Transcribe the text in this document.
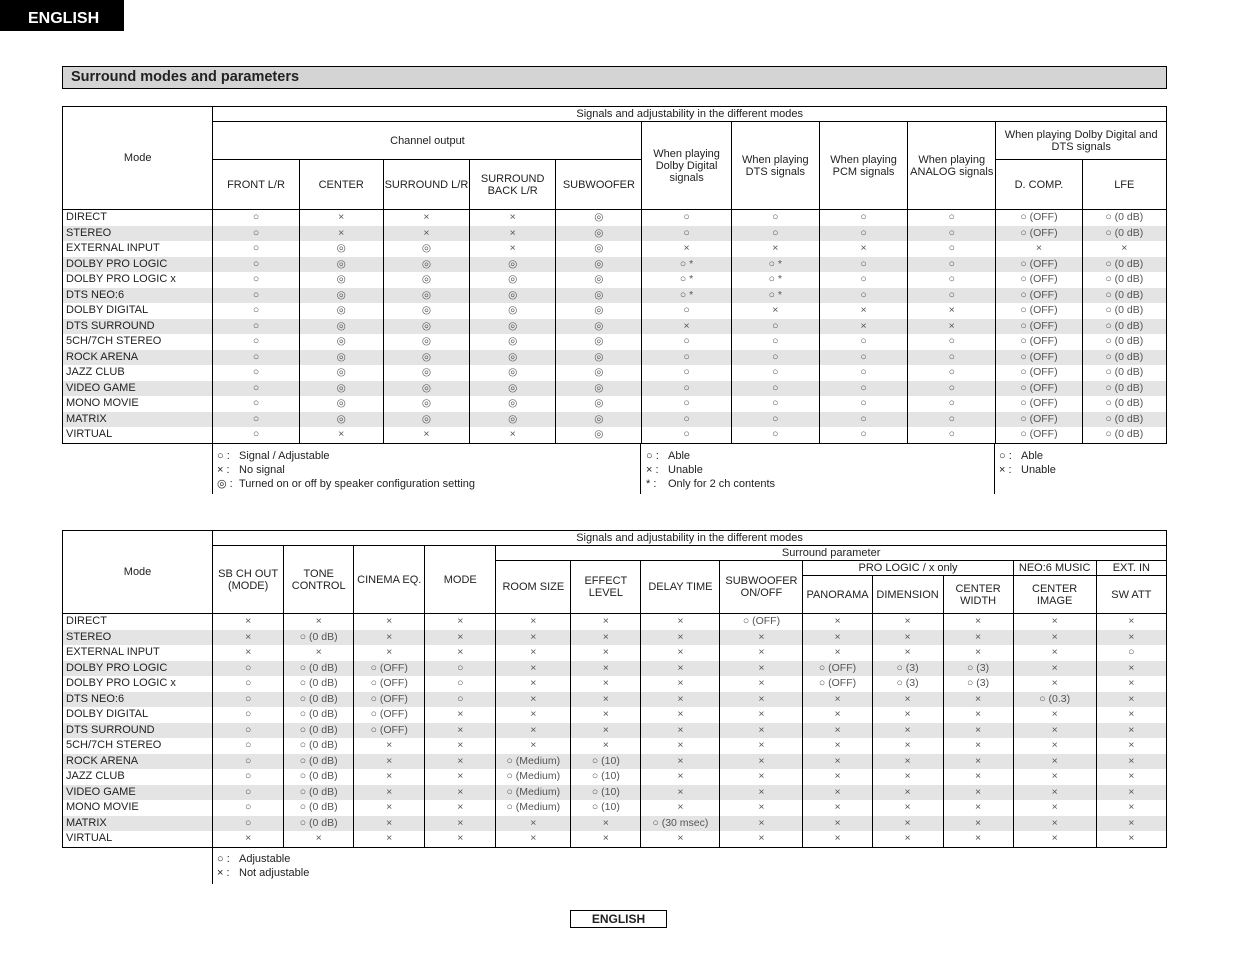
ENGLISH
Surround modes and parameters
Mode	Signals and adjustability in the different modes										
	Channel output					When playing Dolby Digital signals	When playing DTS signals	When playing PCM signals	When playing ANALOG signals	When playing Dolby Digital and DTS signals	
	FRONT L/R	CENTER	SURROUND L/R	SURROUND BACK L/R	SUBWOOFER					D. COMP.	LFE
DIRECT	○	×	×	×	◎	○	○	○	○	○ (OFF)	○ (0 dB)
STEREO	○	×	×	×	◎	○	○	○	○	○ (OFF)	○ (0 dB)
EXTERNAL INPUT	○	◎	◎	×	◎	×	×	×	○	×	×
DOLBY PRO LOGIC	○	◎	◎	◎	◎	○ *	○ *	○	○	○ (OFF)	○ (0 dB)
DOLBY PRO LOGIC x	○	◎	◎	◎	◎	○ *	○ *	○	○	○ (OFF)	○ (0 dB)
DTS NEO:6	○	◎	◎	◎	◎	○ *	○ *	○	○	○ (OFF)	○ (0 dB)
DOLBY DIGITAL	○	◎	◎	◎	◎	○	×	×	×	○ (OFF)	○ (0 dB)
DTS SURROUND	○	◎	◎	◎	◎	×	○	×	×	○ (OFF)	○ (0 dB)
5CH/7CH STEREO	○	◎	◎	◎	◎	○	○	○	○	○ (OFF)	○ (0 dB)
ROCK ARENA	○	◎	◎	◎	◎	○	○	○	○	○ (OFF)	○ (0 dB)
JAZZ CLUB	○	◎	◎	◎	◎	○	○	○	○	○ (OFF)	○ (0 dB)
VIDEO GAME	○	◎	◎	◎	◎	○	○	○	○	○ (OFF)	○ (0 dB)
MONO MOVIE	○	◎	◎	◎	◎	○	○	○	○	○ (OFF)	○ (0 dB)
MATRIX	○	◎	◎	◎	◎	○	○	○	○	○ (OFF)	○ (0 dB)
VIRTUAL	○	×	×	×	◎	○	○	○	○	○ (OFF)	○ (0 dB)
○ : Signal / Adjustable
× : No signal
◎ : Turned on or off by speaker configuration setting
○ : Able
× : Unable
* : Only for 2 ch contents
○ : Able
× : Unable
Mode	Signals and adjustability in the different modes												
	SB CH OUT (MODE)	TONE CONTROL	CINEMA EQ.	MODE	Surround parameter								
					ROOM SIZE	EFFECT LEVEL	DELAY TIME	SUBWOOFER ON/OFF	PRO LOGIC / x only			NEO:6 MUSIC	EXT. IN
									PANORAMA	DIMENSION	CENTER WIDTH	CENTER IMAGE	SW ATT
DIRECT	×	×	×	×	×	×	×	○ (OFF)	×	×	×	×	×
STEREO	×	○ (0 dB)	×	×	×	×	×	×	×	×	×	×	×
EXTERNAL INPUT	×	×	×	×	×	×	×	×	×	×	×	×	○
DOLBY PRO LOGIC	○	○ (0 dB)	○ (OFF)	○	×	×	×	×	○ (OFF)	○ (3)	○ (3)	×	×
DOLBY PRO LOGIC x	○	○ (0 dB)	○ (OFF)	○	×	×	×	×	○ (OFF)	○ (3)	○ (3)	×	×
DTS NEO:6	○	○ (0 dB)	○ (OFF)	○	×	×	×	×	×	×	×	○ (0.3)	×
DOLBY DIGITAL	○	○ (0 dB)	○ (OFF)	×	×	×	×	×	×	×	×	×	×
DTS SURROUND	○	○ (0 dB)	○ (OFF)	×	×	×	×	×	×	×	×	×	×
5CH/7CH STEREO	○	○ (0 dB)	×	×	×	×	×	×	×	×	×	×	×
ROCK ARENA	○	○ (0 dB)	×	×	○ (Medium)	○ (10)	×	×	×	×	×	×	×
JAZZ CLUB	○	○ (0 dB)	×	×	○ (Medium)	○ (10)	×	×	×	×	×	×	×
VIDEO GAME	○	○ (0 dB)	×	×	○ (Medium)	○ (10)	×	×	×	×	×	×	×
MONO MOVIE	○	○ (0 dB)	×	×	○ (Medium)	○ (10)	×	×	×	×	×	×	×
MATRIX	○	○ (0 dB)	×	×	×	×	○ (30 msec)	×	×	×	×	×	×
VIRTUAL	×	×	×	×	×	×	×	×	×	×	×	×	×
○ : Adjustable
× : Not adjustable
ENGLISH
